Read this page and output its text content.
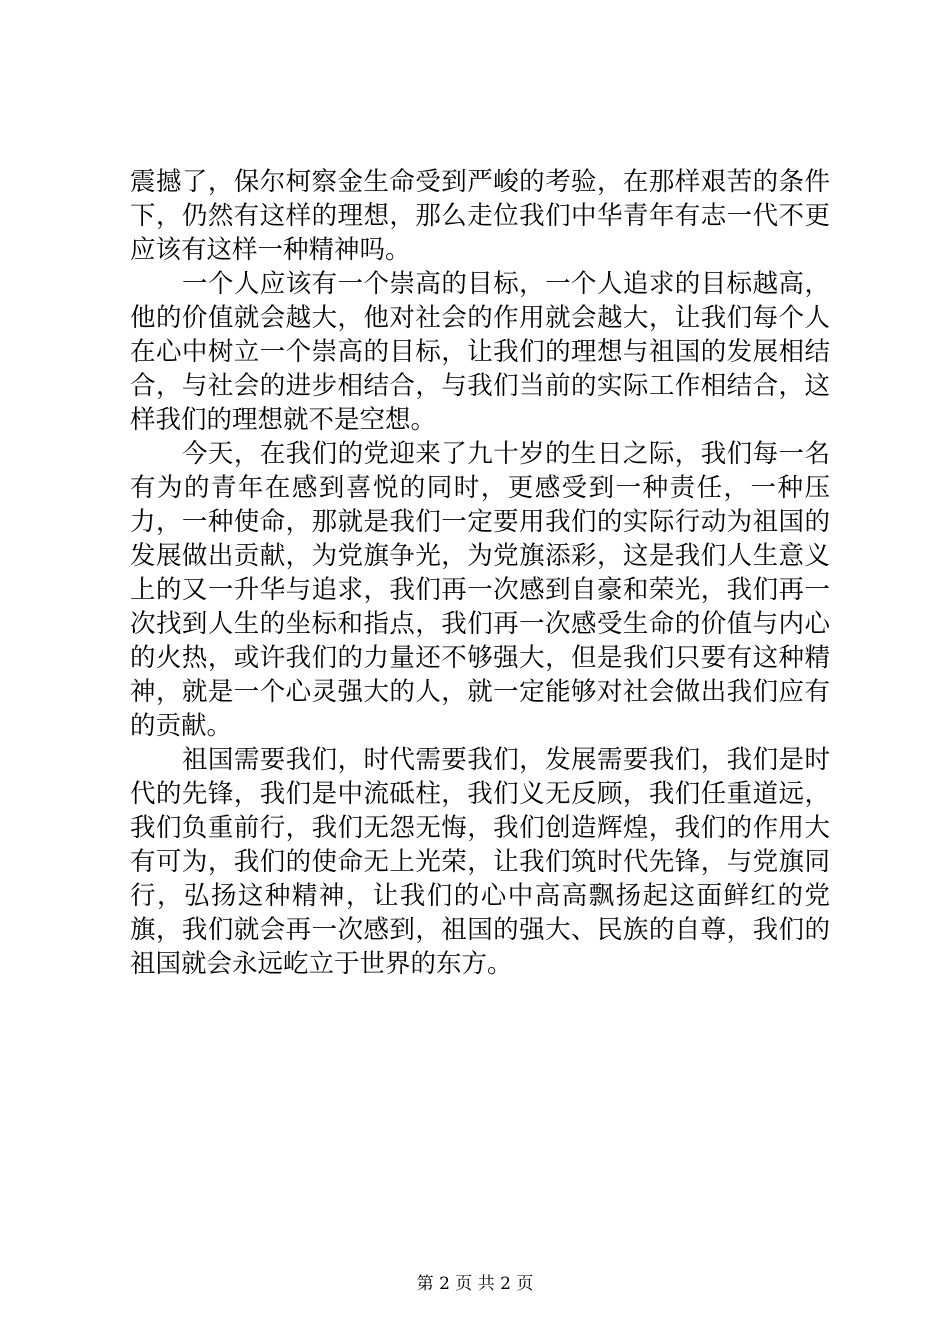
震撼了，保尔柯察金生命受到严峻的考验，在那样艰苦的条件下，仍然有这样的理想，那么走位我们中华青年有志一代不更应该有这样一种精神吗。

一个人应该有一个崇高的目标，一个人追求的目标越高，他的价值就会越大，他对社会的作用就会越大，让我们每个人在心中树立一个崇高的目标，让我们的理想与祖国的发展相结合，与社会的进步相结合，与我们当前的实际工作相结合，这样我们的理想就不是空想。

今天，在我们的党迎来了九十岁的生日之际，我们每一名有为的青年在感到喜悦的同时，更感受到一种责任，一种压力，一种使命，那就是我们一定要用我们的实际行动为祖国的发展做出贡献，为党旗争光，为党旗添彩，这是我们人生意义上的又一升华与追求，我们再一次感到自豪和荣光，我们再一次找到人生的坐标和指点，我们再一次感受生命的价值与内心的火热，或许我们的力量还不够强大，但是我们只要有这种精神，就是一个心灵强大的人，就一定能够对社会做出我们应有的贡献。

祖国需要我们，时代需要我们，发展需要我们，我们是时代的先锋，我们是中流砥柱，我们义无反顾，我们任重道远，我们负重前行，我们无怨无悔，我们创造辉煌，我们的作用大有可为，我们的使命无上光荣，让我们筑时代先锋，与党旗同行，弘扬这种精神，让我们的心中高高飘扬起这面鲜红的党旗，我们就会再一次感到，祖国的强大、民族的自尊，我们的祖国就会永远屹立于世界的东方。

第 2 页 共 2 页
